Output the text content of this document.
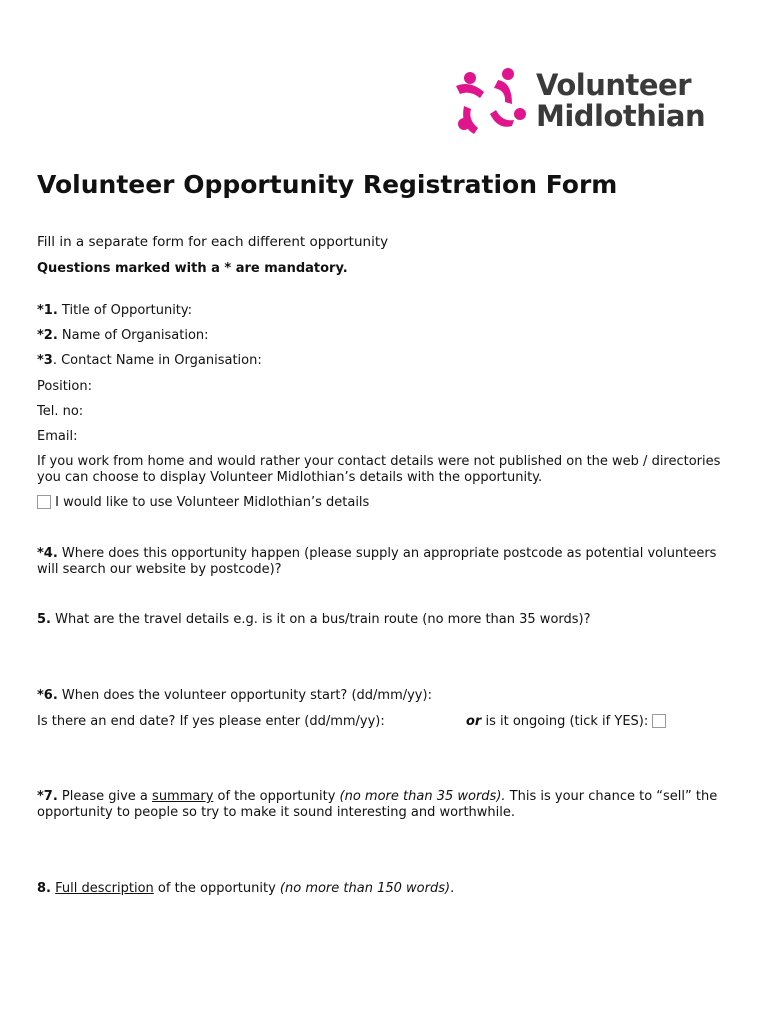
Volunteer
Midlothian
Volunteer Opportunity Registration Form
Fill in a separate form for each different opportunity
Questions marked with a * are mandatory.
*1. Title of Opportunity:
*2. Name of Organisation:
*3. Contact Name in Organisation:
Position:
Tel. no:
Email:
If you work from home and would rather your contact details were not published on the web / directories you can choose to display Volunteer Midlothian’s details with the opportunity.
I would like to use Volunteer Midlothian’s details
*4. Where does this opportunity happen (please supply an appropriate postcode as potential volunteers will search our website by postcode)?
5. What are the travel details e.g. is it on a bus/train route (no more than 35 words)?
*6. When does the volunteer opportunity start? (dd/mm/yy):
Is there an end date? If yes please enter (dd/mm/yy):	or is it ongoing (tick if YES):
*7. Please give a summary of the opportunity (no more than 35 words). This is your chance to “sell” the opportunity to people so try to make it sound interesting and worthwhile.
8. Full description of the opportunity (no more than 150 words).
